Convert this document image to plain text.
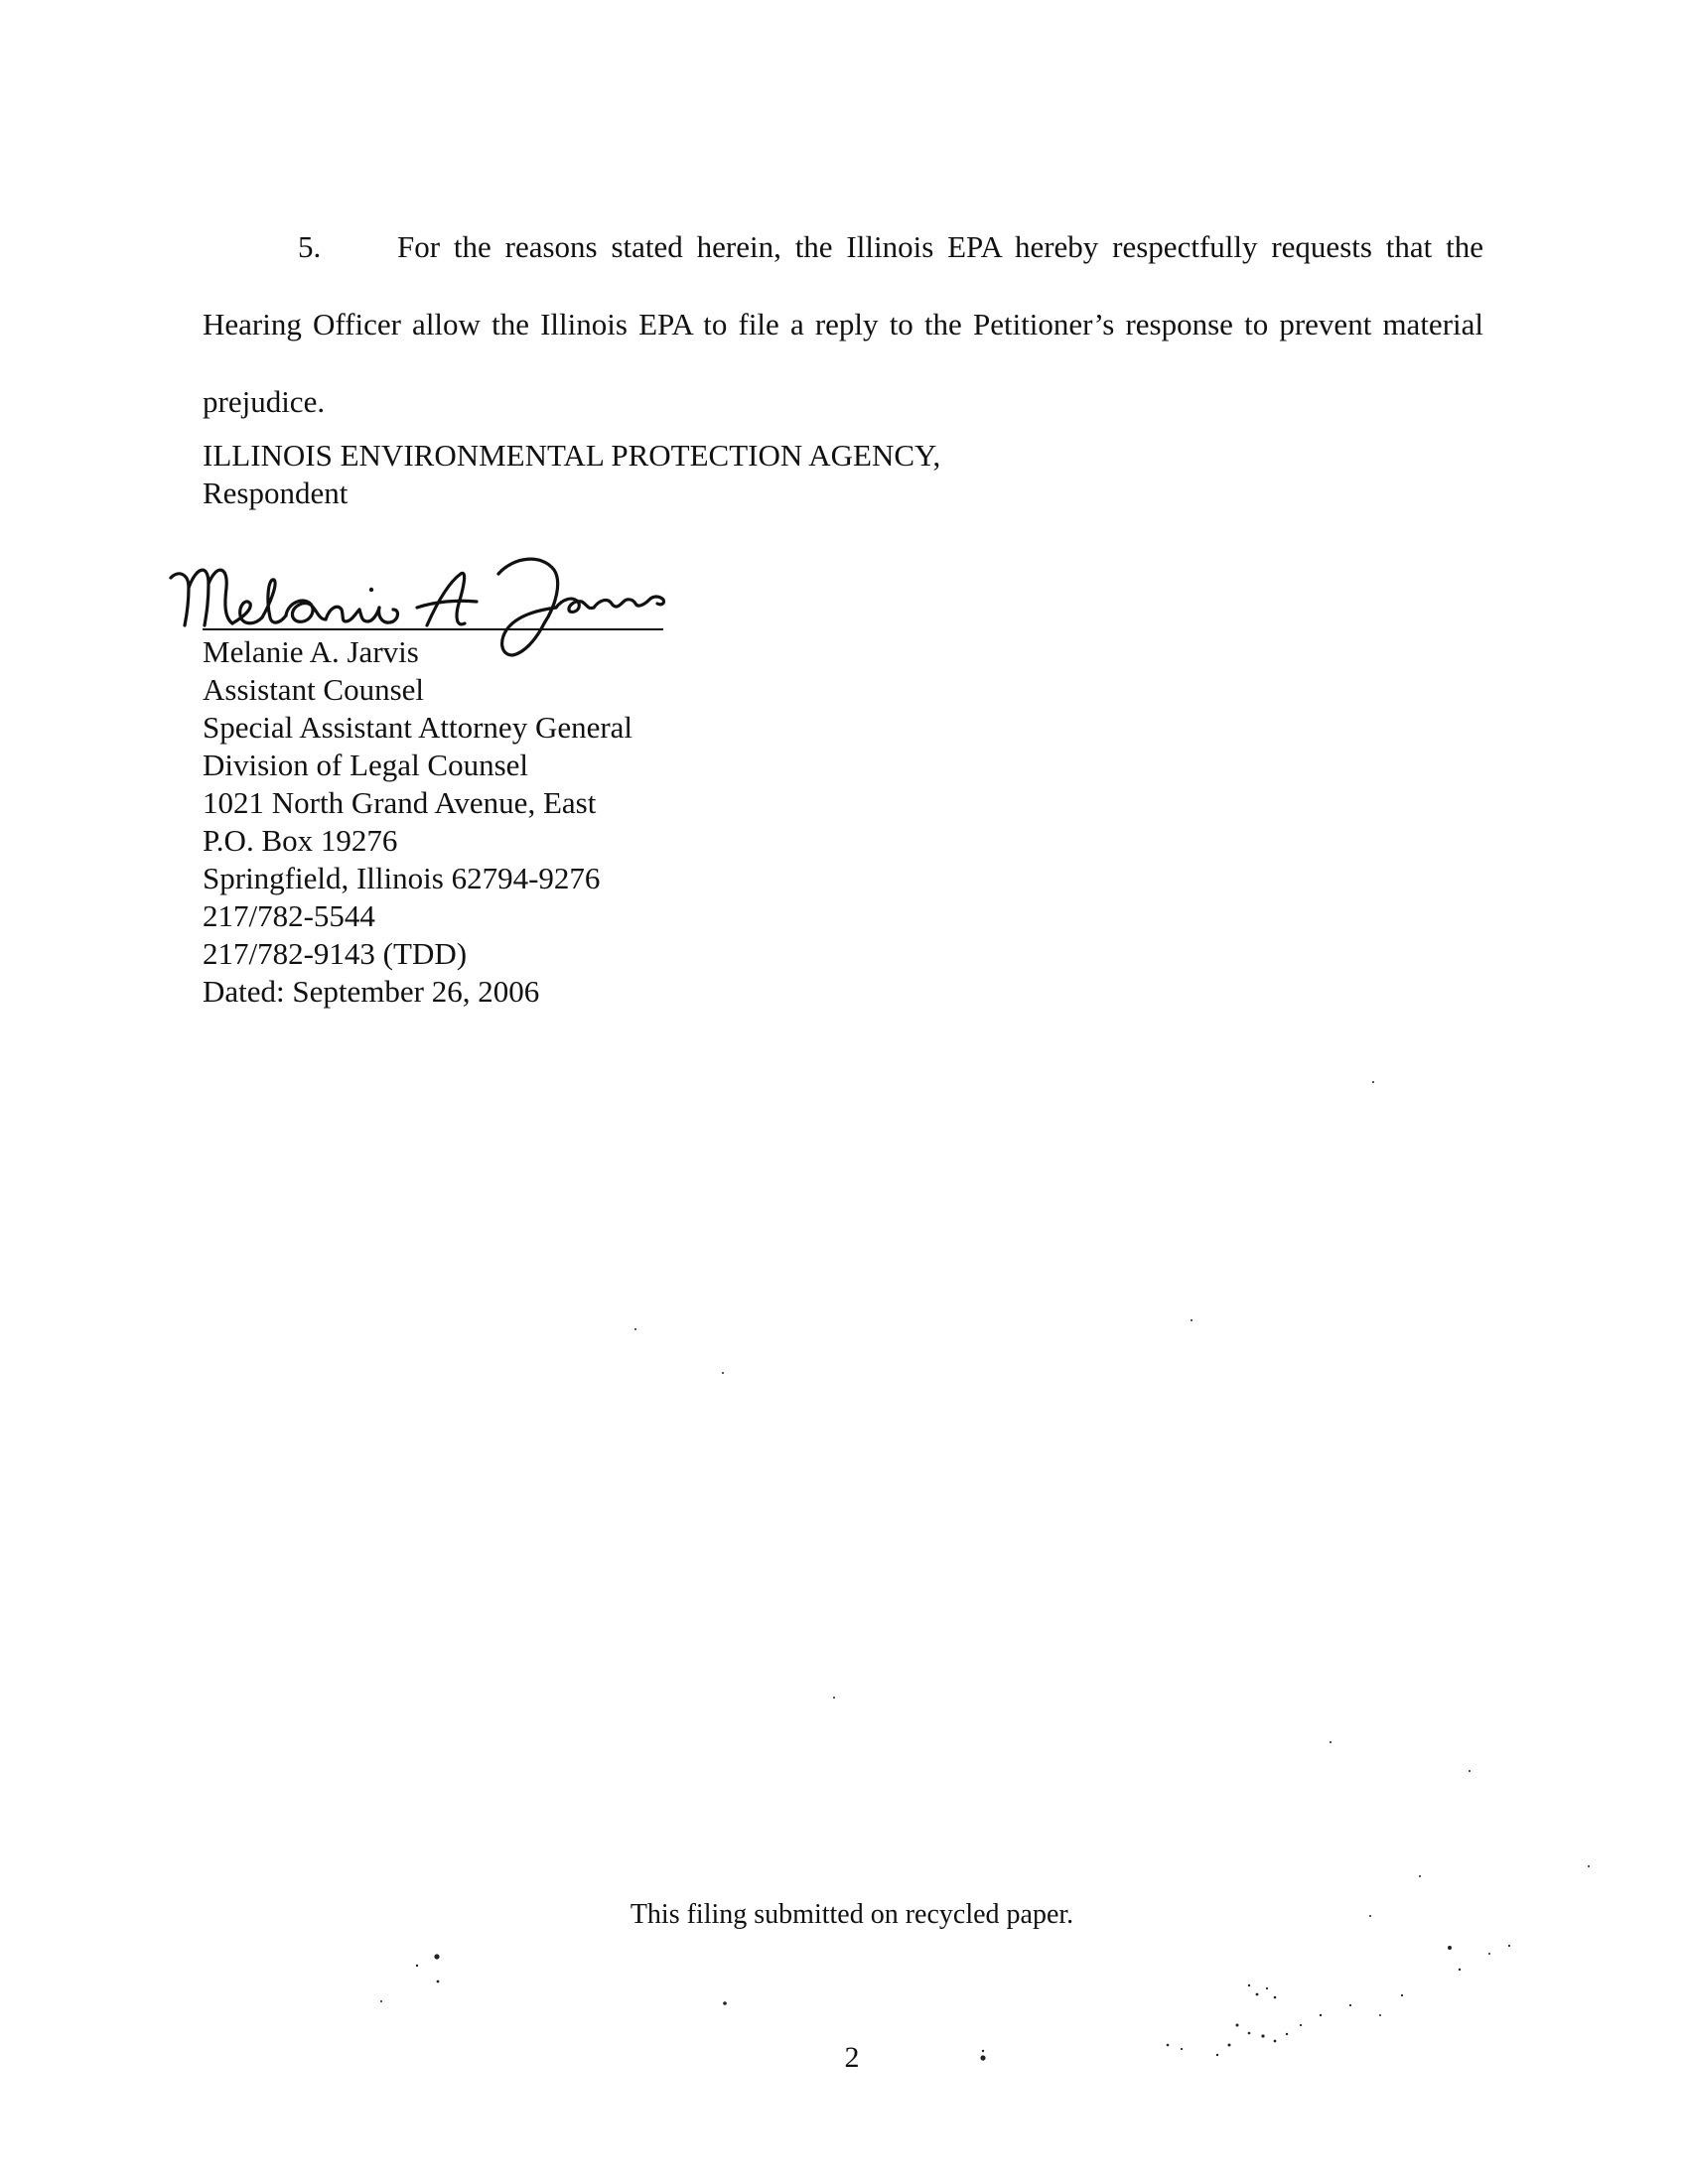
5. For the reasons stated herein, the Illinois EPA hereby respectfully requests that the Hearing Officer allow the Illinois EPA to file a reply to the Petitioner’s response to prevent material prejudice.
ILLINOIS ENVIRONMENTAL PROTECTION AGENCY,
Respondent
Melanie A. Jarvis
Assistant Counsel
Special Assistant Attorney General
Division of Legal Counsel
1021 North Grand Avenue, East
P.O. Box 19276
Springfield, Illinois 62794-9276
217/782-5544
217/782-9143 (TDD)
Dated: September 26, 2006
This filing submitted on recycled paper.
2
